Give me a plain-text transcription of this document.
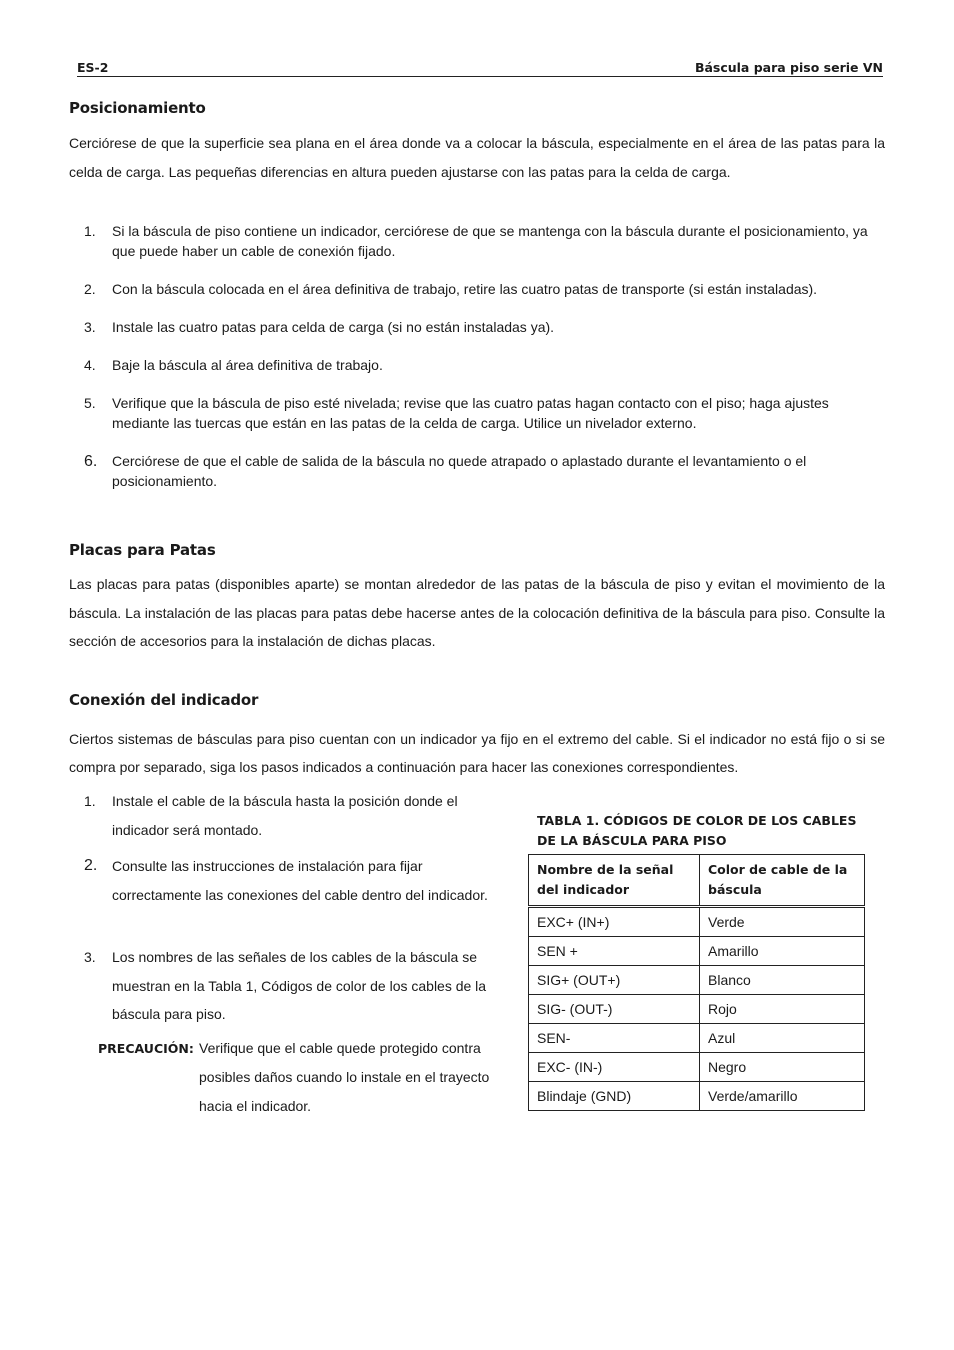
ES-2	Báscula para piso serie VN
Posicionamiento
Cerciórese de que la superficie sea plana en el área donde va a colocar la báscula, especialmente en el área de las patas para la celda de carga. Las pequeñas diferencias en altura pueden ajustarse con las patas para la celda de carga.
1.	Si la báscula de piso contiene un indicador, cerciórese de que se mantenga con la báscula durante el posicionamiento, ya que puede haber un cable de conexión fijado.
2.	Con la báscula colocada en el área definitiva de trabajo, retire las cuatro patas de transporte (si están instaladas).
3.	Instale las cuatro patas para celda de carga (si no están instaladas ya).
4.	Baje la báscula al área definitiva de trabajo.
5.	Verifique que la báscula de piso esté nivelada; revise que las cuatro patas hagan contacto con el piso; haga ajustes mediante las tuercas que están en las patas de la celda de carga. Utilice un nivelador externo.
6.	Cerciórese de que el cable de salida de la báscula no quede atrapado o aplastado durante el levantamiento o el posicionamiento.
Placas para Patas
Las placas para patas (disponibles aparte) se montan alrededor de las patas de la báscula de piso y evitan el movimiento de la báscula. La instalación de las placas para patas debe hacerse antes de la colocación definitiva de la báscula para piso. Consulte la sección de accesorios para la instalación de dichas placas.
Conexión del indicador
Ciertos sistemas de básculas para piso cuentan con un indicador ya fijo en el extremo del cable. Si el indicador no está fijo o si se compra por separado, siga los pasos indicados a continuación para hacer las conexiones correspondientes.
1.	Instale el cable de la báscula hasta la posición donde el indicador será montado.
2.	Consulte las instrucciones de instalación para fijar correctamente las conexiones del cable dentro del indicador.
3.	Los nombres de las señales de los cables de la báscula se muestran en la Tabla 1, Códigos de color de los cables de la báscula para piso.
PRECAUCIÓN: Verifique que el cable quede protegido contra posibles daños cuando lo instale en el trayecto hacia el indicador.
TABLA 1. CÓDIGOS DE COLOR DE LOS CABLES DE LA BÁSCULA PARA PISO
Nombre de la señal del indicador	Color de cable de la báscula
EXC+ (IN+)	Verde
SEN +	Amarillo
SIG+ (OUT+)	Blanco
SIG- (OUT-)	Rojo
SEN-	Azul
EXC- (IN-)	Negro
Blindaje (GND)	Verde/amarillo
